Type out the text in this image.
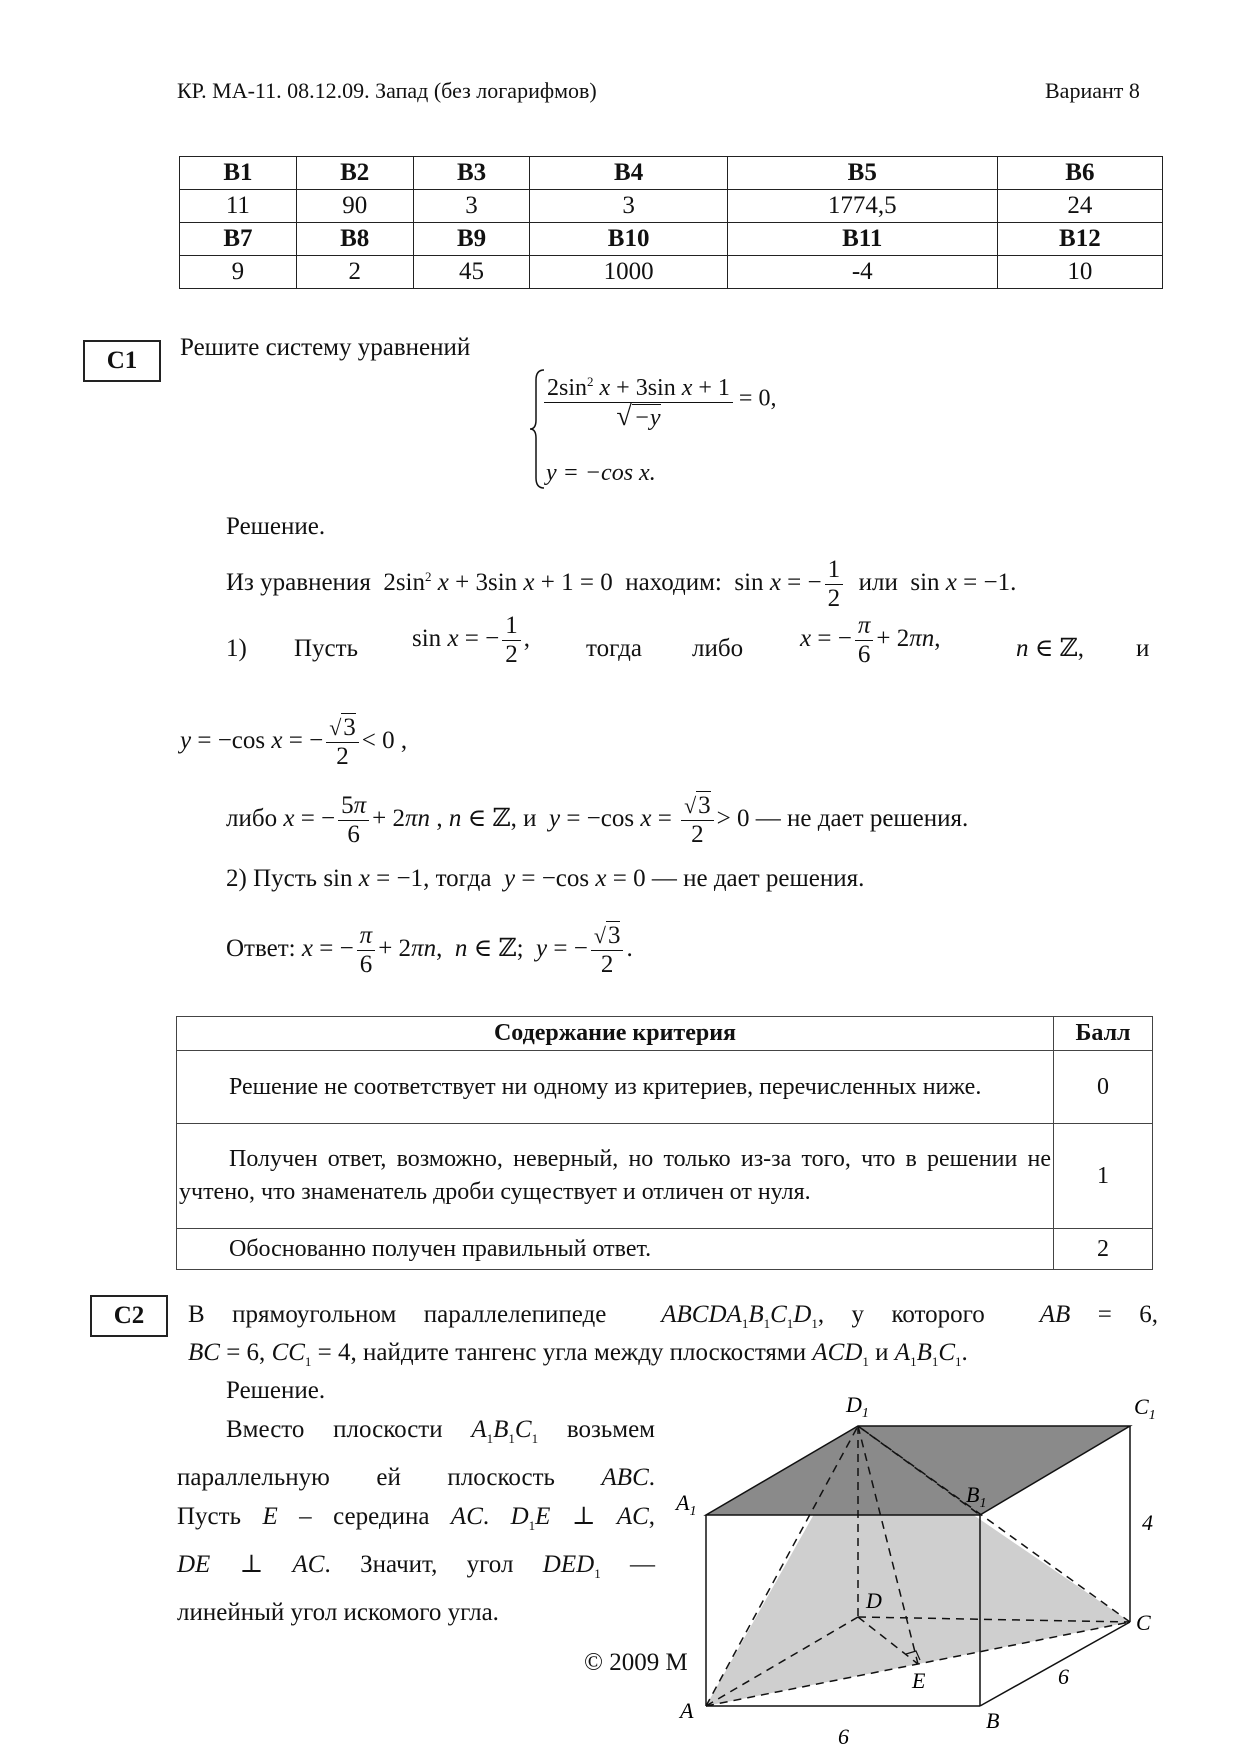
КР. МА-11. 08.12.09. Запад (без логарифмов)	Вариант 8
B1	B2	B3	B4	B5	B6
11	90	3	3	1774,5	24
B7	B8	B9	B10	B11	B12
9	2	45	1000	-4	10
C1	Решите систему уравнений
$\frac{2\sin^2 x + 3\sin x + 1}{√-y} = 0$,
y = −cos x.
Решение.
Из уравнения  $2\sin^2$ x + 3sin x + 1 = 0  находим:  sin x = − $\frac{1}{2}$ или  sin x = −1.
1) Пусть sin x = − $\frac{1}{2}$ , тогда либо x = − $\frac{\pi}{6} + 2\pi n$,	n ∈ ℤ, и
y = −cos x = − $\frac{√3}{2} < 0$ ,
либо x = − $\frac{5\pi}{6} + 2\pi n$ , n ∈ ℤ, и y = −cos $x = \frac{√3}{2} > 0$ — не дает решения.
2) Пусть sin x = −1, тогда y = −cos x = 0 — не дает решения.
Ответ: x = − $\frac{\pi}{6} + 2\pi n$,  n ∈ ℤ;  y = − $\frac{√3}{2}$ .
Содержание критерия	Балл
Решение не соответствует ни одному из критериев, перечисленных ниже.	0
Получен ответ, возможно, неверный, но только из-за того, что в решении не учтено, что знаменатель дроби существует и отличен от нуля.	1
Обоснованно получен правильный ответ.	2
C2	В прямоугольном параллелепипеде $ABCDA_1B_1C_1D_1$, у которого AB = 6,
BC = 6, $CC_1 = 4$, найдите тангенс угла между плоскостями $ACD_1$ и $A_1B_1C_1$.
Решение.
Вместо плоскости $A_1B_1C_1$ возьмем
параллельную ей плоскость ABC.
Пусть E – середина AC. $D_1E$ ⊥ AC,
DE ⊥ AC. Значит, угол $DED_1$ —
линейный угол искомого угла.
© 2009 М
$D_1$	$C_1$
$A_1$
$B_1$
D
C
A	B
E
4
6
6
